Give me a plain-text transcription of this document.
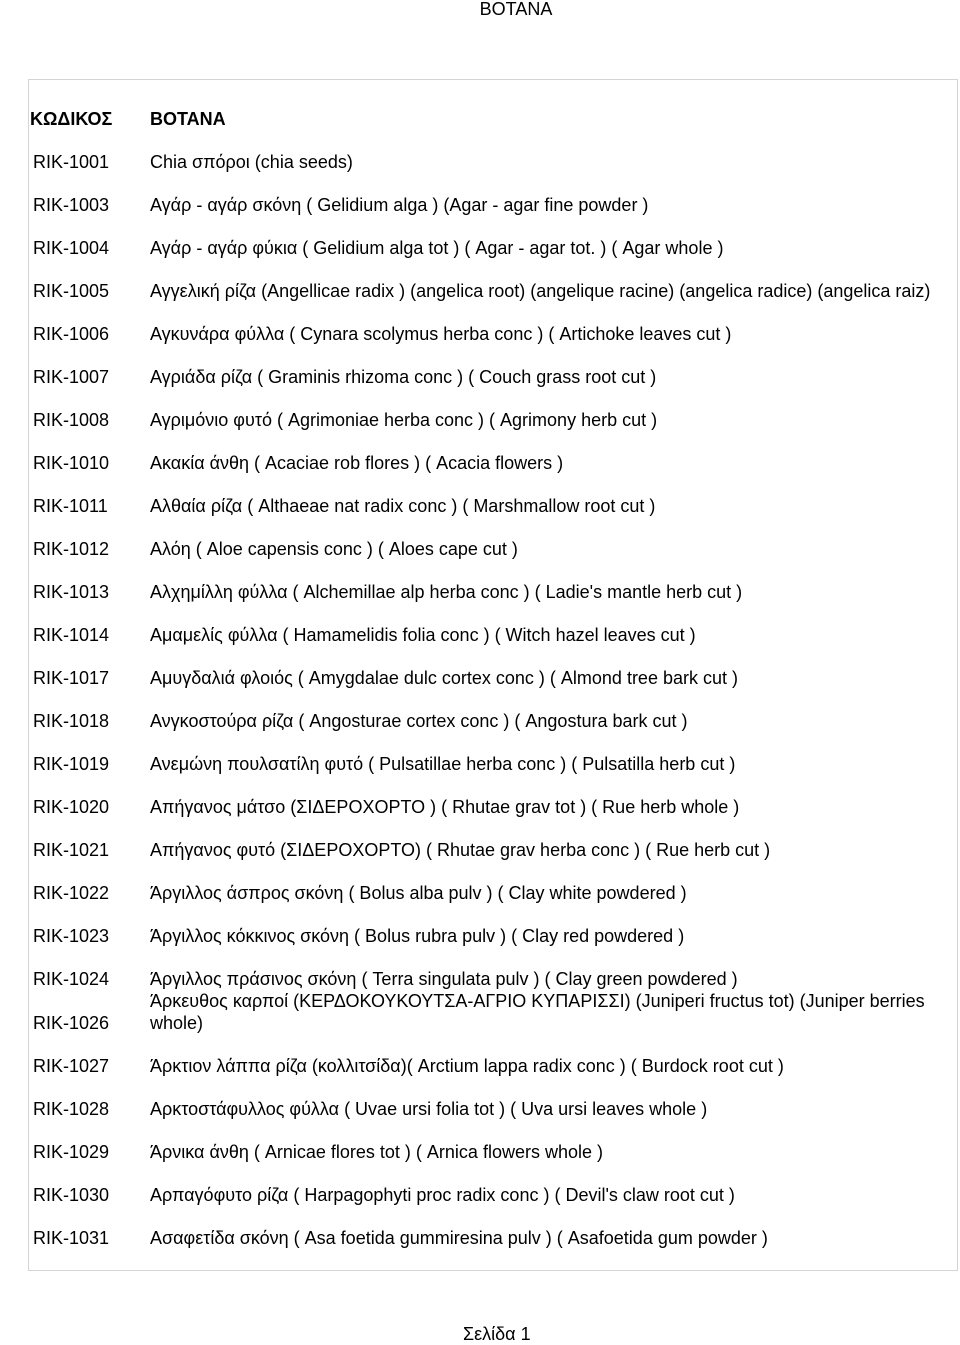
ΒΟΤΑΝΑ
ΚΩΔΙΚΟΣ	ΒΟΤΑΝΑ
RIK-1001	Chia σπόροι (chia seeds)
RIK-1003	Αγάρ - αγάρ σκόνη ( Gelidium alga ) (Agar - agar fine powder )
RIK-1004	Αγάρ - αγάρ φύκια ( Gelidium alga tot ) ( Agar - agar tot. ) ( Agar whole )
RIK-1005	Αγγελική ρίζα (Angellicae radix ) (angelica root) (angelique racine) (angelica radice) (angelica raiz)
RIK-1006	Αγκυνάρα φύλλα ( Cynara scolymus herba conc ) ( Artichoke leaves cut )
RIK-1007	Αγριάδα ρίζα ( Graminis rhizoma conc ) ( Couch grass root cut )
RIK-1008	Αγριμόνιο φυτό ( Agrimoniae herba conc ) ( Agrimony herb cut )
RIK-1010	Ακακία άνθη ( Acaciae rob flores ) ( Acacia flowers )
RIK-1011	Αλθαία ρίζα ( Althaeae nat radix conc ) ( Marshmallow root cut )
RIK-1012	Αλόη ( Aloe capensis conc ) ( Aloes cape cut )
RIK-1013	Αλχημίλλη φύλλα ( Alchemillae alp herba conc ) ( Ladie's mantle herb cut )
RIK-1014	Αμαμελίς φύλλα ( Hamamelidis folia conc ) ( Witch hazel leaves cut )
RIK-1017	Αμυγδαλιά φλοιός ( Amygdalae dulc cortex conc ) ( Almond tree bark cut )
RIK-1018	Ανγκοστούρα ρίζα ( Angosturae cortex conc ) ( Angostura bark cut )
RIK-1019	Ανεμώνη πουλσατίλη φυτό ( Pulsatillae herba conc ) ( Pulsatilla herb cut )
RIK-1020	Απήγανος μάτσο (ΣΙΔΕΡΟΧΟΡΤΟ ) ( Rhutae grav tot ) ( Rue herb whole )
RIK-1021	Απήγανος φυτό (ΣΙΔΕΡΟΧΟΡΤΟ) ( Rhutae grav herba conc ) ( Rue herb cut )
RIK-1022	Άργιλλος άσπρος σκόνη ( Bolus alba pulv ) ( Clay white powdered )
RIK-1023	Άργιλλος κόκκινος σκόνη ( Bolus rubra pulv ) ( Clay red powdered )
RIK-1024	Άργιλλος πράσινος σκόνη ( Terra singulata pulv ) ( Clay green powdered )
RIK-1026	Άρκευθος καρποί (ΚΕΡΔΟΚΟΥΚΟΥΤΣΑ-ΑΓΡΙΟ ΚΥΠΑΡΙΣΣΙ) (Juniperi fructus tot) (Juniper berries whole)
RIK-1027	Άρκτιον λάππα ρίζα (κολλιτσίδα)( Arctium lappa radix conc ) ( Burdock root cut )
RIK-1028	Αρκτοστάφυλλος φύλλα ( Uvae ursi folia tot ) ( Uva ursi leaves whole )
RIK-1029	Άρνικα άνθη ( Arnicae flores tot ) ( Arnica flowers whole )
RIK-1030	Αρπαγόφυτο ρίζα ( Harpagophyti proc radix conc ) ( Devil's claw root cut )
RIK-1031	Ασαφετίδα σκόνη ( Asa foetida gummiresina pulv ) ( Asafoetida gum powder )
Σελίδα 1
